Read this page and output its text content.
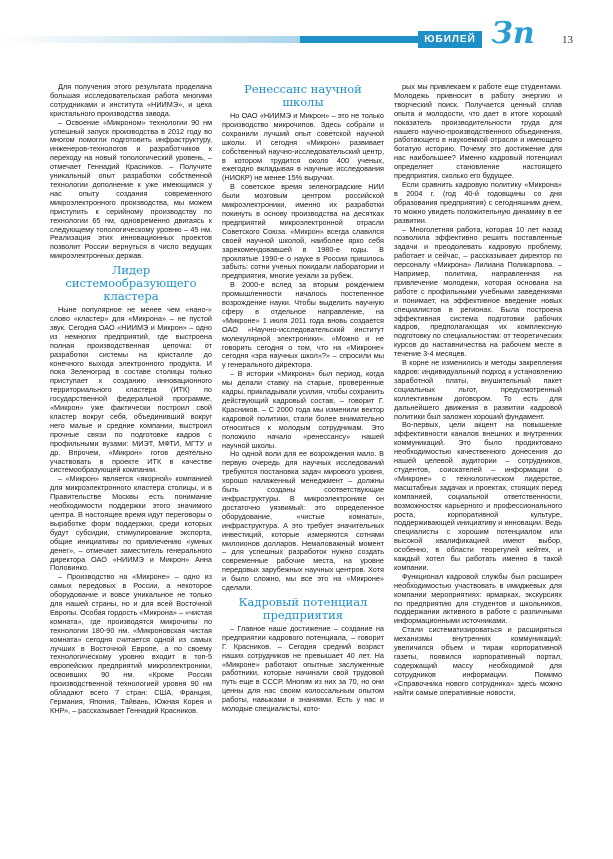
ЮБИЛЕЙ Зп	13

Для получения этого результата проделана большая исследовательская работа многими сотрудниками и института «НИИМЭ», и цеха кристального производства завода.

– Освоение «Микроном» технологии 90 нм успешный запуск производства в 2012 году во многом помогли подготовить инфраструктуру, инженеров-технологов и разработчиков к переходу на новый топологический уровень, – отмечает Геннадий Красников. – Получите уникальный опыт разработки собственной технологии дополнение к уже имеющимся у нас опыту создания современного микроэлектронного производства, мы можем приступить к серийному производству по технологии 65 нм, одновременно двигаясь к следующему топологическому уровню – 45 нм. Реализация этих инновационных проектов позволит России вернуться в число ведущих микроэлектронных держав.

Лидер системообразующего кластера

Ныне популярное не менее чем «нано-» слово «кластер» для «Микрона» – не пустой звук. Сегодня ОАО «НИИМЭ и Микрон» – одно из немногих предприятий, где выстроена полная производственная цепочка: от разработки системы на кристалле до конечного выхода электронного продукта. И пока Зеленоград в составе столицы только приступает к созданию инновационного территориального кластера (ИТК) по государственной федеральной программе, «Микрон» уже фактически построил свой кластер вокруг себя, объединивший вокруг него малые и средние компании, выстроил прочные связи по подготовке кадров с профильными вузами: МИЭТ, МФТИ, МГТУ и др. Впрочем, «Микрон» готов деятельно участвовать в проекте ИТК в качестве системообразующей компании.

– «Микрон» является «якорной» компанией для микроэлектронного кластера столицы, и в Правительстве Москвы есть понимание необходимости поддержки этого значимого центра. В настоящее время идут переговоры о выработке форм поддержки, среди которых будут субсидии, стимулирование экспорта, общие инициативы по привлечению «умных денег», – отмечает заместитель генерального директора ОАО «НИИМЭ и Микрон» Анна Половинко.

– Производство на «Микроне» – одно из самых передовых в России, а некоторое оборудование и вовсе уникальное не только для нашей страны, но и для всей Восточной Европы. Особая гордость «Микрона» – «чистая комната», где производятся микрочипы по технологии 180-90 нм. «Микроновская чистая комната» сегодня считается одной из самых лучших в Восточной Европе, а по своему технологическому уровню входит в топ-5 европейских предприятий микроэлектроники, освоивших 90 нм. «Кроме России производственной технологией уровня 90 нм обладают всего 7 стран: США, Франция, Германия, Япония, Тайвань, Южная Корея и КНР», – рассказывает Геннадий Красников.

Ренессанс научной школы

Но ОАО «НИИМЭ и Микрон» – это не только производство микрочипов. Здесь собрали и сохранили лучший опыт советской научной школы. И сегодня «Микрон» развивает собственный научно-исследовательский центр, в котором трудится около 400 ученых, ежегодно вкладывая в научные исследования (НИОКР) не менее 15% выручки.

В советское время зеленоградские НИИ были мозговым центром российской микроэлектроники, именно их разработки покинуть в основу производства на десятках предприятий микроэлектронной отрасли Советского Союза. «Микрон» всегда славился своей научной школой, наиболее ярко себя зарекомендовавшей в 1980-е годы. В проклятые 1990-е о науке в России пришлось забыть: сотни ученых покидали лаборатории и предприятия, многие уехали за рубеж.

В 2000-е вслед за вторым рождением промышленности началось постепенное возрождение науки. Чтобы выделить научную сферу в отдельное направление, на «Микроне» 1 июля 2011 года вновь создается ОАО «Научно-исследовательский институт молекулярной электроники». «Можно и не говорить сегодня о том, что на «Микроне» сегодня «эра научных школ»?» – спросили мы у генерального директора.

– В истории «Микрона» был период, когда мы делали ставку на старые, проверенные кадры, прикладывали усилия, чтобы сохранить действующий кадровый состав, – говорит Г. Красников. – С 2000 года мы изменили вектор кадровой политики, стали более внимательно относиться к молодым сотрудникам. Это положило начало «ренессансу» нашей научной школы.

Но одной воли для ее возрождения мало. В первую очередь для научных исследований требуются постановка задач мирового уровня, хорошо налаженный менеджмент – должны быть созданы соответствующие инфраструктуры. В микроэлектронике он достаточно уязвимый: это определенное оборудование, «чистые комнаты», инфраструктура. А это требует значительных инвестиций, которые измеряются сотнями миллионов долларов. Немаловажный момент – для успешных разработок нужно создать современные рабочие места, на уровне передовых зарубежных научных центров. Хотя и было сложно, мы все это на «Микроне» сделали.

Кадровый потенциал предприятия

– Главное наше достижение – создание на предприятии кадрового потенциала, – говорит Г. Красников. – Сегодня средний возраст наших сотрудников не превышает 40 лет. На «Микроне» работают опытные заслуженные работники, которые начинали свой трудовой путь еще в СССР. Многим из них за 70, но они ценны для нас своим колоссальным опытом работы, навыками и знаниями. Есть у нас и молодые специалисты, кото-

рых мы привлекаем к работе еще студентами. Молодежь привносит в работу энергию и творческий поиск. Получается ценный сплав опыта и молодости, что дает в итоге хороший показатель производительности труда для нашего научно-производственного объединения, работающего в наукоемкой отрасли и имеющего богатую историю. Почему это достижение для нас наибольшее? Именно кадровый потенциал определяет становление настоящего предприятия, сколько его будущее.

Если сравнить кадровую политику «Микрона» в 2004 г. (год 40-й годовщины со дня образования предприятия) с сегодняшним днем, то можно увидеть положительную динамику в ее развитии.

– Многолетняя работа, которая 10 лет назад позволила эффективно решить поставленные задачи и преодолевать кадровую проблему, работает и сейчас, – рассказывает директор по персоналу «Микрона» Лилиана Поликарпова. – Например, политика, направленная на привлечение молодежи, которая основана на работе с профильными учебными заведениями и понимает, на эффективное введение новых специалистов в регионах. Была построена эффективная система подготовки рабочих кадров, предполагающая их комплексную подготовку по специальностям: от теоретических курсов до наставничества на рабочем месте в течение 3-4 месяцев.

В корне не изменились и методы закрепления кадров: индивидуальный подход к установлению заработной платы, внушительный пакет социальных льгот, предусмотренный коллективным договором. То есть для дальнейшего движения в развитии кадровой политики был заложен хороший фундамент.

Во-первых, цели акцент на повышение эффективности каналов внешних и внутренних коммуникаций. Это было продиктовано необходимостью качественного донесения до нашей целевой аудитории – сотрудников, студентов, соискателей – информации о «Микроне» с технологическом лидерстве, масштабных задачах и проектах, стоящих перед компанией, социальной ответственности, возможностях карьерного и профессионального роста, корпоративной культуре, поддерживающей инициативу и инновации. Ведь специалисты с хорошим потенциалом или высокой квалификацией имеют выбор, особенно, в области теорегулей кейтех, и каждый хотел бы работать именно в такой компании.

Функционал кадровой службы был расширен необходимостью участвовать в имиджевых для компании мероприятиях: ярмарках, экскурсиях по предприятию для студентов и школьников, поддержании активного в работе с различными информационными источниками.

Стали систематизироваться и расширяться механизмы внутренних коммуникаций: увеличился объем и тираж корпоративной газеты, появился корпоративный портал, содержащий массу необходимой для сотрудников информации. Помимо «Справочника нового сотрудника» здесь можно найти самые оперативные новости,
